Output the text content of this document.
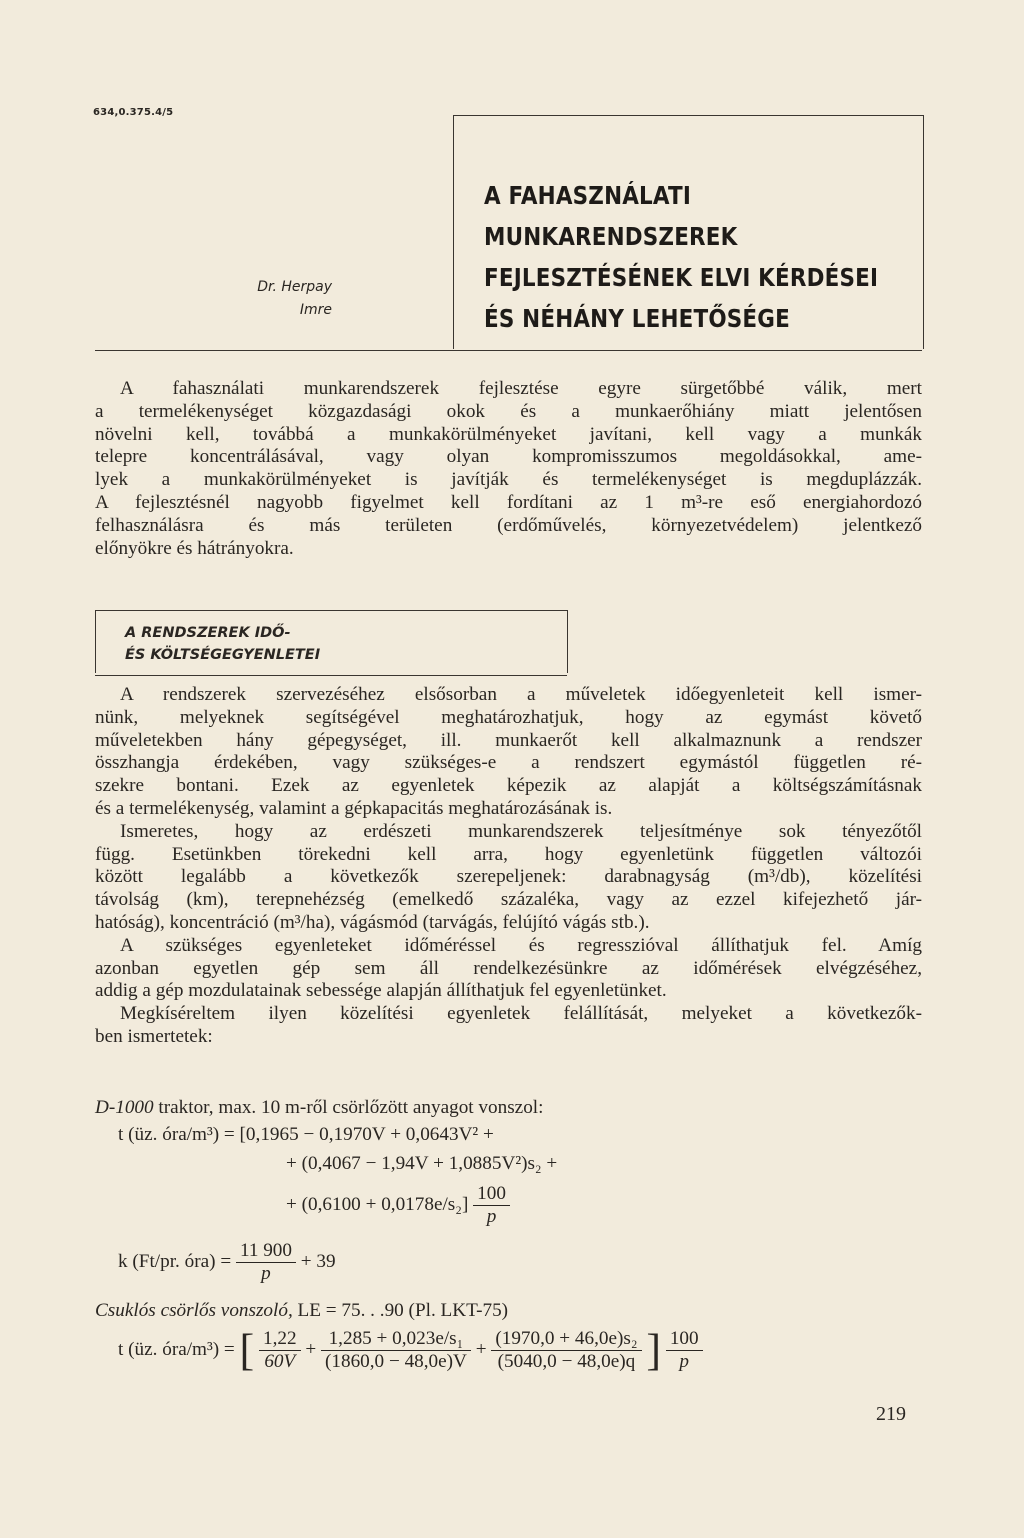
634,0.375.4/5
A FAHASZNÁLATI
MUNKARENDSZEREK
FEJLESZTÉSÉNEK ELVI KÉRDÉSEI
ÉS NÉHÁNY LEHETŐSÉGE
Dr. Herpay
Imre
A fahasználati munkarendszerek fejlesztése egyre sürgetőbbé válik, mert
a termelékenységet közgazdasági okok és a munkaerőhiány miatt jelentősen
növelni kell, továbbá a munkakörülményeket javítani, kell vagy a munkák
telepre koncentrálásával, vagy olyan kompromisszumos megoldásokkal, ame-
lyek a munkakörülményeket is javítják és termelékenységet is megduplázzák.
A fejlesztésnél nagyobb figyelmet kell fordítani az 1 m³-re eső energiahordozó
felhasználásra és más területen (erdőművelés, környezetvédelem) jelentkező
előnyökre és hátrányokra.
A RENDSZEREK IDŐ-
ÉS KÖLTSÉGEGYENLETEI
A rendszerek szervezéséhez elsősorban a műveletek időegyenleteit kell ismer-
nünk, melyeknek segítségével meghatározhatjuk, hogy az egymást követő
műveletekben hány gépegységet, ill. munkaerőt kell alkalmaznunk a rendszer
összhangja érdekében, vagy szükséges-e a rendszert egymástól független ré-
szekre bontani. Ezek az egyenletek képezik az alapját a költségszámításnak
és a termelékenység, valamint a gépkapacitás meghatározásának is.
Ismeretes, hogy az erdészeti munkarendszerek teljesítménye sok tényezőtől
függ. Esetünkben törekedni kell arra, hogy egyenletünk független változói
között legalább a következők szerepeljenek: darabnagyság (m³/db), közelítési
távolság (km), terepnehézség (emelkedő százaléka, vagy az ezzel kifejezhető jár-
hatóság), koncentráció (m³/ha), vágásmód (tarvágás, felújító vágás stb.).
A szükséges egyenleteket időméréssel és regresszióval állíthatjuk fel. Amíg
azonban egyetlen gép sem áll rendelkezésünkre az időmérések elvégzéséhez,
addig a gép mozdulatainak sebessége alapján állíthatjuk fel egyenletünket.
Megkíséreltem ilyen közelítési egyenletek felállítását, melyeket a következők-
ben ismertetek:
D-1000 traktor, max. 10 m-ről csörlőzött anyagot vonszol:
t (üz. óra/m³) = [0,1965 − 0,1970V + 0,0643V² +
+ (0,4067 − 1,94V + 1,0885V²)s₂ +
+ $(0,6100 + 0,0178e/s_2] \frac{100}{p}$
k (Ft/pr. óra) = $\frac{11 900}{p} + 39$
Csuklós csörlős vonszoló, LE = 75. . .90 (Pl. LKT-75)
t (üz. óra/m³) = [ $\frac{1,22}{60V} + \frac{\text{1,285 + 0,023e/s₁}}{(1860,0 - 48,0e)V} + \frac{\text{(1970,0 + 46,0e)s₂}}{(5040,0 - 48,0e)q}$ ] $\frac{100}{p}$
219
